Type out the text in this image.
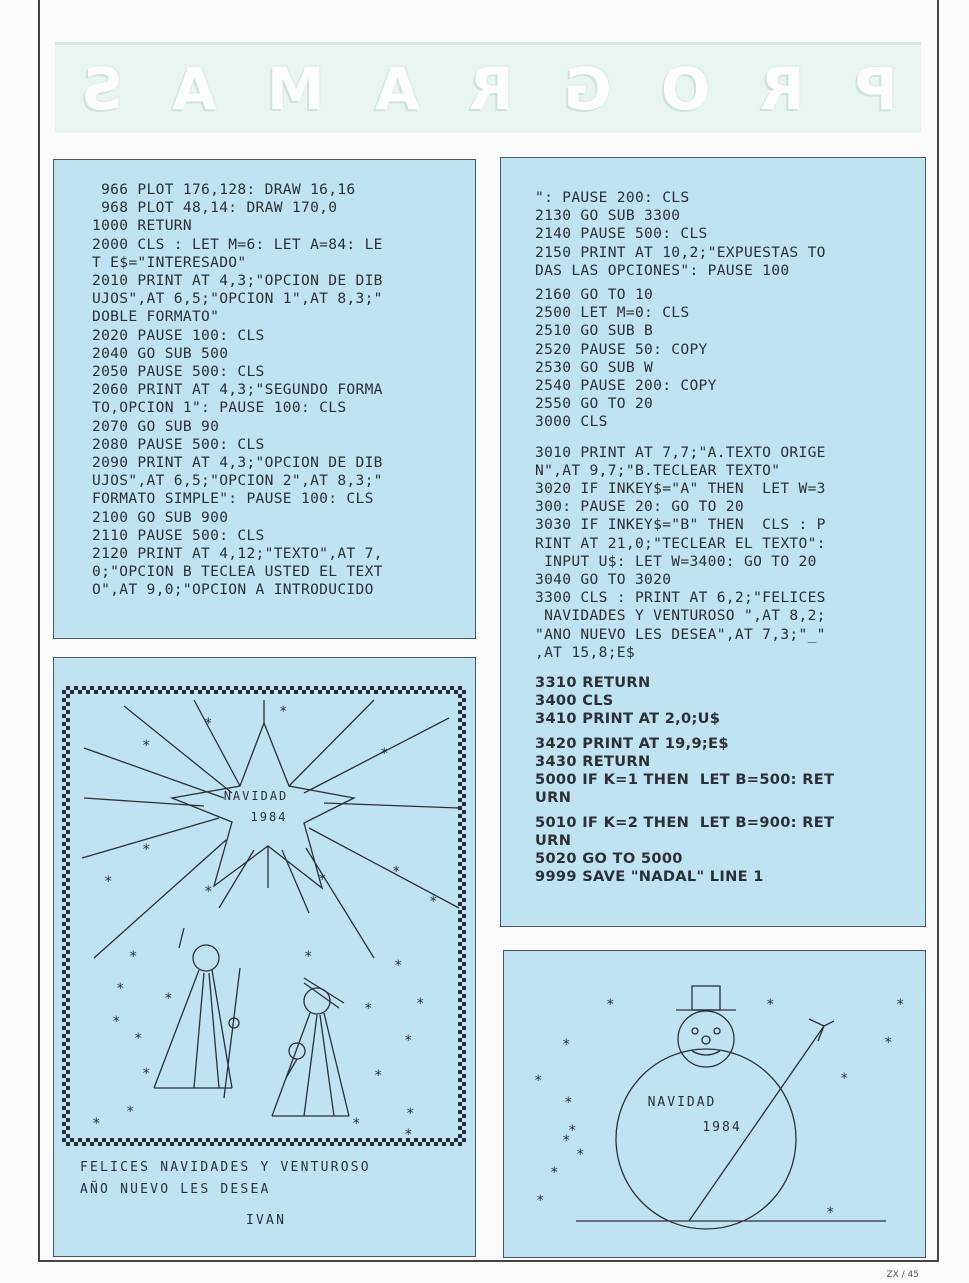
S A M A R G O R P
966 PLOT 176,128: DRAW 16,16
968 PLOT 48,14: DRAW 170,0
1000 RETURN
2000 CLS : LET M=6: LET A=84: LE
T E$="INTERESADO"
2010 PRINT AT 4,3;"OPCION DE DIB
UJOS",AT 6,5;"OPCION 1",AT 8,3;"
DOBLE FORMATO"
2020 PAUSE 100: CLS
2040 GO SUB 500
2050 PAUSE 500: CLS
2060 PRINT AT 4,3;"SEGUNDO FORMA
TO,OPCION 1": PAUSE 100: CLS
2070 GO SUB 90
2080 PAUSE 500: CLS
2090 PRINT AT 4,3;"OPCION DE DIB
UJOS",AT 6,5;"OPCION 2",AT 8,3;"
FORMATO SIMPLE": PAUSE 100: CLS
2100 GO SUB 900
2110 PAUSE 500: CLS
2120 PRINT AT 4,12;"TEXTO",AT 7,
0;"OPCION B TECLEA USTED EL TEXT
O",AT 9,0;"OPCION A INTRODUCIDO
": PAUSE 200: CLS
2130 GO SUB 3300
2140 PAUSE 500: CLS
2150 PRINT AT 10,2;"EXPUESTAS TO
DAS LAS OPCIONES": PAUSE 100
2160 GO TO 10
2500 LET M=0: CLS
2510 GO SUB B
2520 PAUSE 50: COPY
2530 GO SUB W
2540 PAUSE 200: COPY
2550 GO TO 20
3000 CLS
3010 PRINT AT 7,7;"A.TEXTO ORIGE
N",AT 9,7;"B.TECLEAR TEXTO"
3020 IF INKEY$="A" THEN  LET W=3
300: PAUSE 20: GO TO 20
3030 IF INKEY$="B" THEN  CLS : P
RINT AT 21,0;"TECLEAR EL TEXTO":
INPUT U$: LET W=3400: GO TO 20
3040 GO TO 3020
3300 CLS : PRINT AT 6,2;"FELICES
NAVIDADES Y VENTUROSO ",AT 8,2;
"ANO NUEVO LES DESEA",AT 7,3;"_"
,AT 15,8;E$
3310 RETURN
3400 CLS
3410 PRINT AT 2,0;U$
3420 PRINT AT 19,9;E$
3430 RETURN
5000 IF K=1 THEN  LET B=500: RET
URN
5010 IF K=2 THEN  LET B=900: RET
URN
5020 GO TO 5000
9999 SAVE "NADAL" LINE 1
*
*
*	*
*
*
*
*	*
*
*
*
*
*
*
*	*
*
*
*	*
*	*
*	*
*
*
NAVIDAD
1984
FELICES NAVIDADES Y VENTUROSO
AÑO NUEVO LES DESEA
IVAN
*	*	*
*	*
*	*
*
*
*
*
*
*
*
NAVIDAD
1984
ZX / 45
